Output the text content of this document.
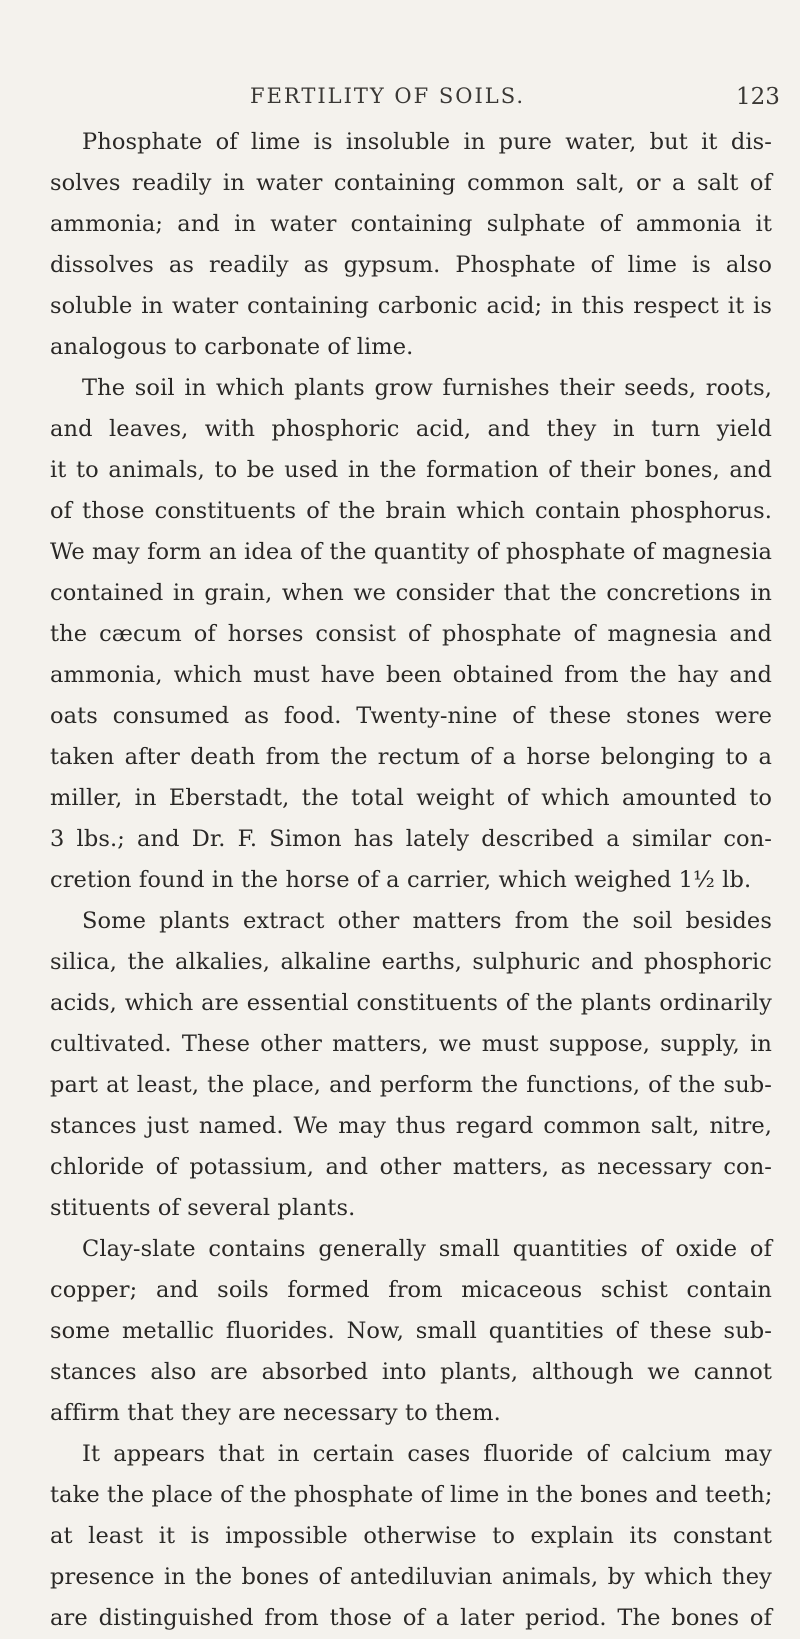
FERTILITY OF SOILS.	123
Phosphate of lime is insoluble in pure water, but it dis-
solves readily in water containing common salt, or a salt of
ammonia; and in water containing sulphate of ammonia it
dissolves as readily as gypsum. Phosphate of lime is also
soluble in water containing carbonic acid; in this respect it is
analogous to carbonate of lime.
The soil in which plants grow furnishes their seeds, roots,
and leaves, with phosphoric acid, and they in turn yield
it to animals, to be used in the formation of their bones, and
of those constituents of the brain which contain phosphorus.
We may form an idea of the quantity of phosphate of magnesia
contained in grain, when we consider that the concretions in
the cæcum of horses consist of phosphate of magnesia and
ammonia, which must have been obtained from the hay and
oats consumed as food. Twenty-nine of these stones were
taken after death from the rectum of a horse belonging to a
miller, in Eberstadt, the total weight of which amounted to
3 lbs.; and Dr. F. Simon has lately described a similar con-
cretion found in the horse of a carrier, which weighed 1½ lb.
Some plants extract other matters from the soil besides
silica, the alkalies, alkaline earths, sulphuric and phosphoric
acids, which are essential constituents of the plants ordinarily
cultivated. These other matters, we must suppose, supply, in
part at least, the place, and perform the functions, of the sub-
stances just named. We may thus regard common salt, nitre,
chloride of potassium, and other matters, as necessary con-
stituents of several plants.
Clay-slate contains generally small quantities of oxide of
copper; and soils formed from micaceous schist contain
some metallic fluorides. Now, small quantities of these sub-
stances also are absorbed into plants, although we cannot
affirm that they are necessary to them.
It appears that in certain cases fluoride of calcium may
take the place of the phosphate of lime in the bones and teeth;
at least it is impossible otherwise to explain its constant
presence in the bones of antediluvian animals, by which they
are distinguished from those of a later period. The bones of
